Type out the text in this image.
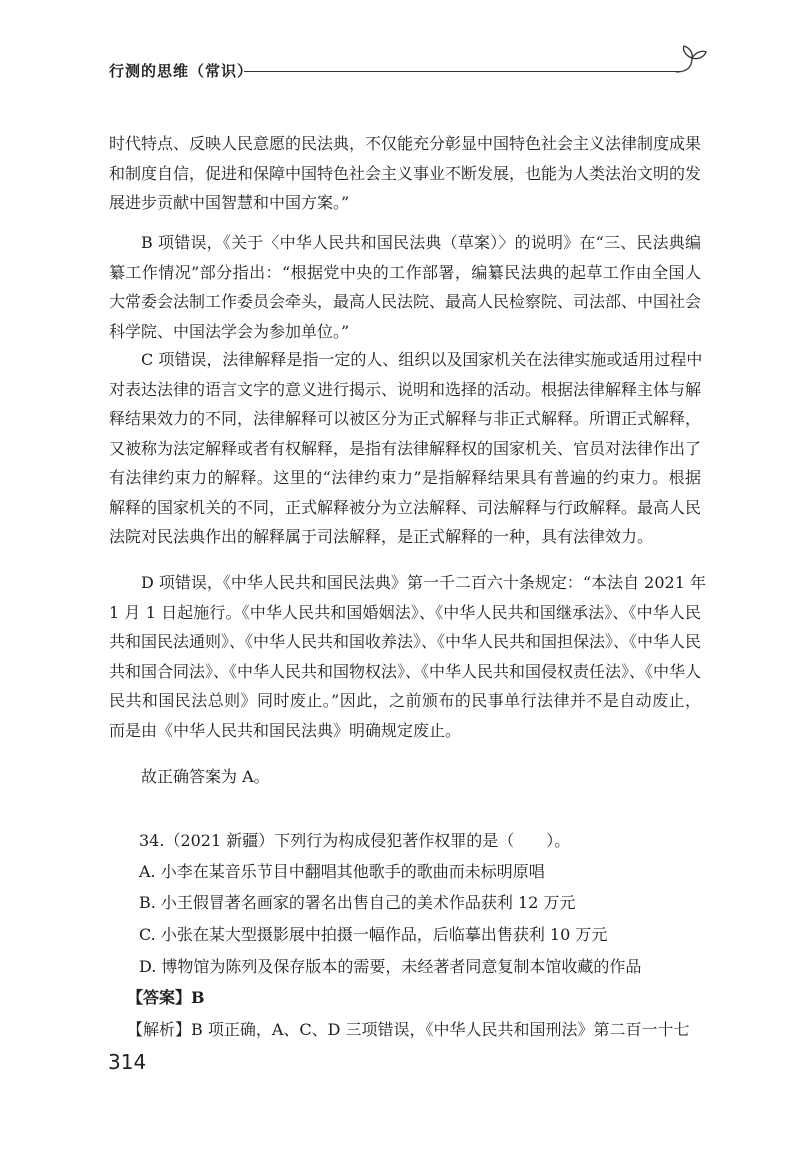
行测的思维（常识）
时代特点、反映人民意愿的民法典，不仅能充分彰显中国特色社会主义法律制度成果
和制度自信，促进和保障中国特色社会主义事业不断发展，也能为人类法治文明的发
展进步贡献中国智慧和中国方案。”
B 项错误，《关于〈中华人民共和国民法典（草案）〉的说明》在“三、民法典编
纂工作情况”部分指出：“根据党中央的工作部署，编纂民法典的起草工作由全国人
大常委会法制工作委员会牵头，最高人民法院、最高人民检察院、司法部、中国社会
科学院、中国法学会为参加单位。”
C 项错误，法律解释是指一定的人、组织以及国家机关在法律实施或适用过程中
对表达法律的语言文字的意义进行揭示、说明和选择的活动。根据法律解释主体与解
释结果效力的不同，法律解释可以被区分为正式解释与非正式解释。所谓正式解释，
又被称为法定解释或者有权解释，是指有法律解释权的国家机关、官员对法律作出了
有法律约束力的解释。这里的“法律约束力”是指解释结果具有普遍的约束力。根据
解释的国家机关的不同，正式解释被分为立法解释、司法解释与行政解释。最高人民
法院对民法典作出的解释属于司法解释，是正式解释的一种，具有法律效力。
D 项错误，《中华人民共和国民法典》第一千二百六十条规定：“本法自 2021 年
1 月 1 日起施行。《中华人民共和国婚姻法》、《中华人民共和国继承法》、《中华人民
共和国民法通则》、《中华人民共和国收养法》、《中华人民共和国担保法》、《中华人民
共和国合同法》、《中华人民共和国物权法》、《中华人民共和国侵权责任法》、《中华人
民共和国民法总则》同时废止。”因此，之前颁布的民事单行法律并不是自动废止，
而是由《中华人民共和国民法典》明确规定废止。
故正确答案为 A。

34.（2021 新疆）下列行为构成侵犯著作权罪的是（　　）。

A. 小李在某音乐节目中翻唱其他歌手的歌曲而未标明原唱

B. 小王假冒著名画家的署名出售自己的美术作品获利 12 万元

C. 小张在某大型摄影展中拍摄一幅作品，后临摹出售获利 10 万元

D. 博物馆为陈列及保存版本的需要，未经著者同意复制本馆收藏的作品

【答案】B

【解析】B 项正确，A、C、D 三项错误，《中华人民共和国刑法》第二百一十七

314
